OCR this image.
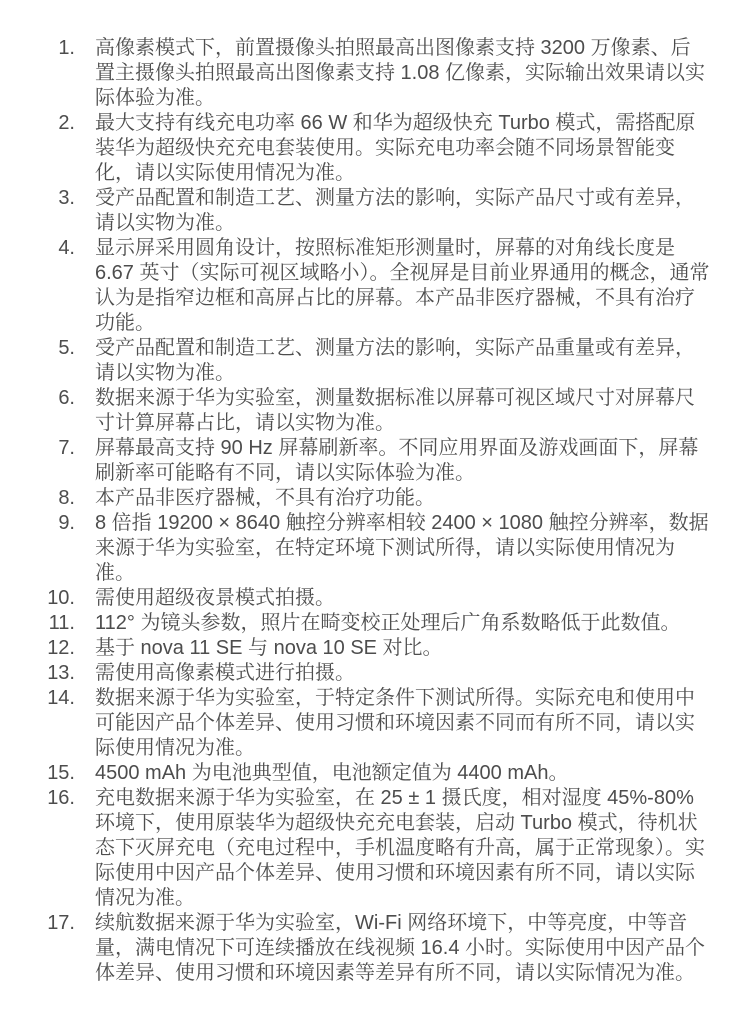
1. 高像素模式下，前置摄像头拍照最高出图像素支持 3200 万像素、后置主摄像头拍照最高出图像素支持 1.08 亿像素，实际输出效果请以实际体验为准。
2. 最大支持有线充电功率 66 W 和华为超级快充 Turbo 模式，需搭配原装华为超级快充充电套装使用。实际充电功率会随不同场景智能变化，请以实际使用情况为准。
3. 受产品配置和制造工艺、测量方法的影响，实际产品尺寸或有差异，请以实物为准。
4. 显示屏采用圆角设计，按照标准矩形测量时，屏幕的对角线长度是 6.67 英寸（实际可视区域略小）。全视屏是目前业界通用的概念，通常认为是指窄边框和高屏占比的屏幕。本产品非医疗器械，不具有治疗功能。
5. 受产品配置和制造工艺、测量方法的影响，实际产品重量或有差异，请以实物为准。
6. 数据来源于华为实验室，测量数据标准以屏幕可视区域尺寸对屏幕尺寸计算屏幕占比，请以实物为准。
7. 屏幕最高支持 90 Hz 屏幕刷新率。不同应用界面及游戏画面下，屏幕刷新率可能略有不同，请以实际体验为准。
8. 本产品非医疗器械，不具有治疗功能。
9. 8 倍指 19200 × 8640 触控分辨率相较 2400 × 1080 触控分辨率，数据来源于华为实验室，在特定环境下测试所得，请以实际使用情况为准。
10. 需使用超级夜景模式拍摄。
11. 112° 为镜头参数，照片在畸变校正处理后广角系数略低于此数值。
12. 基于 nova 11 SE 与 nova 10 SE 对比。
13. 需使用高像素模式进行拍摄。
14. 数据来源于华为实验室，于特定条件下测试所得。实际充电和使用中可能因产品个体差异、使用习惯和环境因素不同而有所不同，请以实际使用情况为准。
15. 4500 mAh 为电池典型值，电池额定值为 4400 mAh。
16. 充电数据来源于华为实验室，在 25 ± 1 摄氏度，相对湿度 45%-80% 环境下，使用原装华为超级快充充电套装，启动 Turbo 模式，待机状态下灭屏充电（充电过程中，手机温度略有升高，属于正常现象）。实际使用中因产品个体差异、使用习惯和环境因素有所不同，请以实际情况为准。
17. 续航数据来源于华为实验室，Wi-Fi 网络环境下，中等亮度，中等音量，满电情况下可连续播放在线视频 16.4 小时。实际使用中因产品个体差异、使用习惯和环境因素等差异有所不同，请以实际情况为准。
